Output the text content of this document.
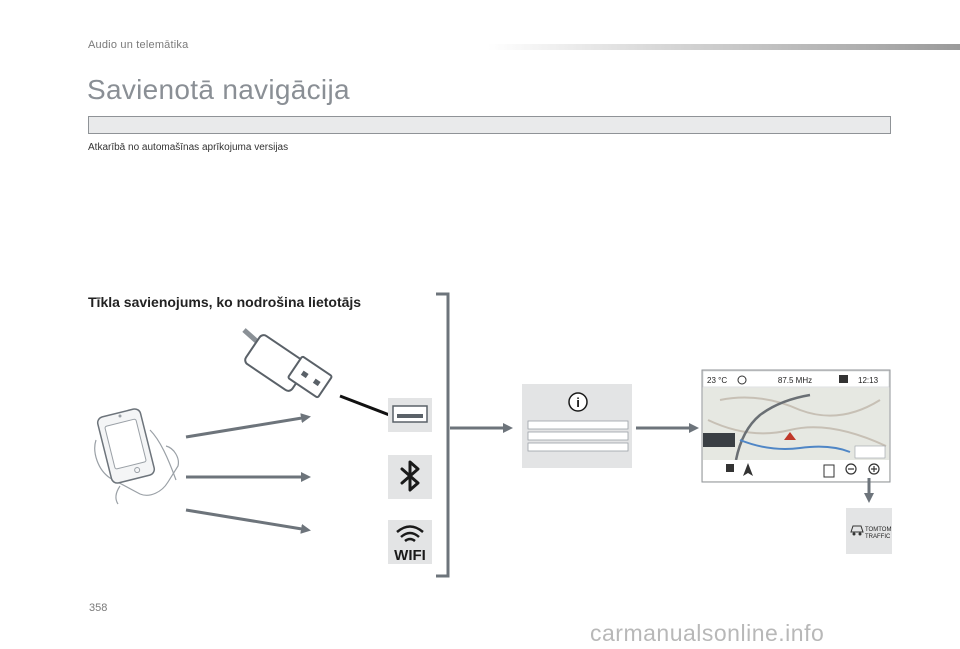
Audio un telemātika
Savienotā navigācija
Atkarībā no automašīnas aprīkojuma versijas
Tīkla savienojums, ko nodrošina lietotājs
WIFI
i
23 °C	87.5 MHz	12:13
TOMTOM
TRAFFIC
358
carmanualsonline.info
